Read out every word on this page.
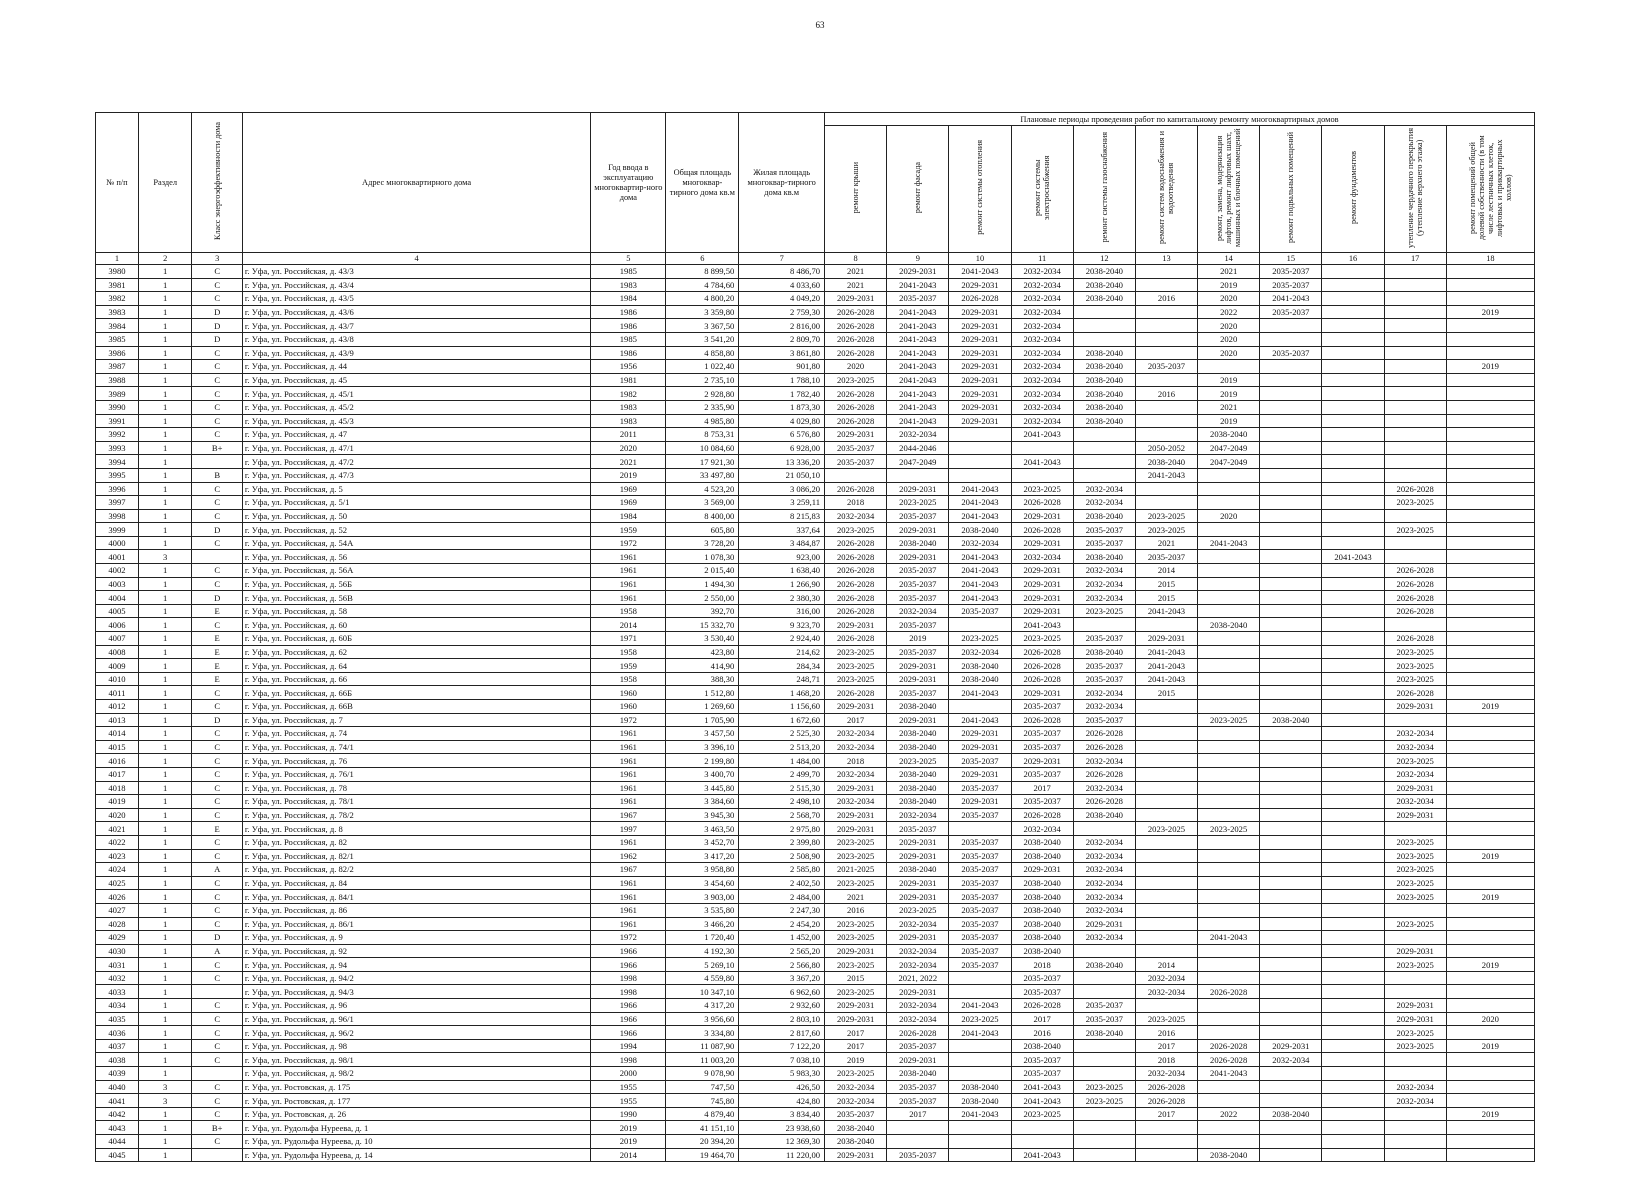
63
№ п/п	Раздел	Класс энергоэффективности дома	Адрес многоквартирного дома	Год ввода в эксплуатацию многоквартир-ного дома	Общая площадь многоквар-тирного дома кв.м	Жилая площадь многоквар-тирного дома кв.м	Плановые периоды проведения работ по капитальному ремонту многоквартирных домов										
							ремонт крыши	ремонт фасада	ремонт системы отопления	ремонт системы электроснабжения	ремонт системы газоснабжения	ремонт систем водоснабжения и водоотведения	ремонт, замена, модернизация лифтов, ремонт лифтовых шахт, машинных и блочных помещений	ремонт подвальных помещений	ремонт фундаментов	утепление чердачного перекрытия (утепление верхнего этажа)	ремонт помещений общей долевой собственности (в том числе лестничных клеток, лифтовых и приквартирных холлов)
1	2	3	4	5	6	7	8	9	10	11	12	13	14	15	16	17	18
3980	1	C	г. Уфа, ул. Российская, д. 43/3	1985	8 899,50	8 486,70	2021	2029-2031	2041-2043	2032-2034	2038-2040		2021	2035-2037			
3981	1	C	г. Уфа, ул. Российская, д. 43/4	1983	4 784,60	4 033,60	2021	2041-2043	2029-2031	2032-2034	2038-2040		2019	2035-2037			
3982	1	C	г. Уфа, ул. Российская, д. 43/5	1984	4 800,20	4 049,20	2029-2031	2035-2037	2026-2028	2032-2034	2038-2040	2016	2020	2041-2043			
3983	1	D	г. Уфа, ул. Российская, д. 43/6	1986	3 359,80	2 759,30	2026-2028	2041-2043	2029-2031	2032-2034			2022	2035-2037			2019
3984	1	D	г. Уфа, ул. Российская, д. 43/7	1986	3 367,50	2 816,00	2026-2028	2041-2043	2029-2031	2032-2034			2020				
3985	1	D	г. Уфа, ул. Российская, д. 43/8	1985	3 541,20	2 809,70	2026-2028	2041-2043	2029-2031	2032-2034			2020				
3986	1	C	г. Уфа, ул. Российская, д. 43/9	1986	4 858,80	3 861,80	2026-2028	2041-2043	2029-2031	2032-2034	2038-2040		2020	2035-2037			
3987	1	C	г. Уфа, ул. Российская, д. 44	1956	1 022,40	901,80	2020	2041-2043	2029-2031	2032-2034	2038-2040	2035-2037					2019
3988	1	C	г. Уфа, ул. Российская, д. 45	1981	2 735,10	1 788,10	2023-2025	2041-2043	2029-2031	2032-2034	2038-2040		2019				
3989	1	C	г. Уфа, ул. Российская, д. 45/1	1982	2 928,80	1 782,40	2026-2028	2041-2043	2029-2031	2032-2034	2038-2040	2016	2019				
3990	1	C	г. Уфа, ул. Российская, д. 45/2	1983	2 335,90	1 873,30	2026-2028	2041-2043	2029-2031	2032-2034	2038-2040		2021				
3991	1	C	г. Уфа, ул. Российская, д. 45/3	1983	4 985,80	4 029,80	2026-2028	2041-2043	2029-2031	2032-2034	2038-2040		2019				
3992	1	C	г. Уфа, ул. Российская, д. 47	2011	8 753,31	6 576,80	2029-2031	2032-2034		2041-2043			2038-2040				
3993	1	B+	г. Уфа, ул. Российская, д. 47/1	2020	10 084,60	6 928,00	2035-2037	2044-2046				2050-2052	2047-2049				
3994	1		г. Уфа, ул. Российская, д. 47/2	2021	17 921,30	13 336,20	2035-2037	2047-2049		2041-2043		2038-2040	2047-2049				
3995	1	B	г. Уфа, ул. Российская, д. 47/3	2019	33 497,80	21 050,10						2041-2043					
3996	1	C	г. Уфа, ул. Российская, д. 5	1969	4 523,20	3 086,20	2026-2028	2029-2031	2041-2043	2023-2025	2032-2034					2026-2028	
3997	1	C	г. Уфа, ул. Российская, д. 5/1	1969	3 569,00	3 259,11	2018	2023-2025	2041-2043	2026-2028	2032-2034					2023-2025	
3998	1	C	г. Уфа, ул. Российская, д. 50	1984	8 400,00	8 215,83	2032-2034	2035-2037	2041-2043	2029-2031	2038-2040	2023-2025	2020				
3999	1	D	г. Уфа, ул. Российская, д. 52	1959	605,80	337,64	2023-2025	2029-2031	2038-2040	2026-2028	2035-2037	2023-2025				2023-2025	
4000	1	C	г. Уфа, ул. Российская, д. 54А	1972	3 728,20	3 484,87	2026-2028	2038-2040	2032-2034	2029-2031	2035-2037	2021	2041-2043				
4001	3		г. Уфа, ул. Российская, д. 56	1961	1 078,30	923,00	2026-2028	2029-2031	2041-2043	2032-2034	2038-2040	2035-2037			2041-2043		
4002	1	C	г. Уфа, ул. Российская, д. 56А	1961	2 015,40	1 638,40	2026-2028	2035-2037	2041-2043	2029-2031	2032-2034	2014				2026-2028	
4003	1	C	г. Уфа, ул. Российская, д. 56Б	1961	1 494,30	1 266,90	2026-2028	2035-2037	2041-2043	2029-2031	2032-2034	2015				2026-2028	
4004	1	D	г. Уфа, ул. Российская, д. 56В	1961	2 550,00	2 380,30	2026-2028	2035-2037	2041-2043	2029-2031	2032-2034	2015				2026-2028	
4005	1	E	г. Уфа, ул. Российская, д. 58	1958	392,70	316,00	2026-2028	2032-2034	2035-2037	2029-2031	2023-2025	2041-2043				2026-2028	
4006	1	C	г. Уфа, ул. Российская, д. 60	2014	15 332,70	9 323,70	2029-2031	2035-2037		2041-2043			2038-2040				
4007	1	E	г. Уфа, ул. Российская, д. 60Б	1971	3 530,40	2 924,40	2026-2028	2019	2023-2025	2023-2025	2035-2037	2029-2031				2026-2028	
4008	1	E	г. Уфа, ул. Российская, д. 62	1958	423,80	214,62	2023-2025	2035-2037	2032-2034	2026-2028	2038-2040	2041-2043				2023-2025	
4009	1	E	г. Уфа, ул. Российская, д. 64	1959	414,90	284,34	2023-2025	2029-2031	2038-2040	2026-2028	2035-2037	2041-2043				2023-2025	
4010	1	E	г. Уфа, ул. Российская, д. 66	1958	388,30	248,71	2023-2025	2029-2031	2038-2040	2026-2028	2035-2037	2041-2043				2023-2025	
4011	1	C	г. Уфа, ул. Российская, д. 66Б	1960	1 512,80	1 468,20	2026-2028	2035-2037	2041-2043	2029-2031	2032-2034	2015				2026-2028	
4012	1	C	г. Уфа, ул. Российская, д. 66В	1960	1 269,60	1 156,60	2029-2031	2038-2040		2035-2037	2032-2034					2029-2031	2019
4013	1	D	г. Уфа, ул. Российская, д. 7	1972	1 705,90	1 672,60	2017	2029-2031	2041-2043	2026-2028	2035-2037		2023-2025	2038-2040			
4014	1	C	г. Уфа, ул. Российская, д. 74	1961	3 457,50	2 525,30	2032-2034	2038-2040	2029-2031	2035-2037	2026-2028					2032-2034	
4015	1	C	г. Уфа, ул. Российская, д. 74/1	1961	3 396,10	2 513,20	2032-2034	2038-2040	2029-2031	2035-2037	2026-2028					2032-2034	
4016	1	C	г. Уфа, ул. Российская, д. 76	1961	2 199,80	1 484,00	2018	2023-2025	2035-2037	2029-2031	2032-2034					2023-2025	
4017	1	C	г. Уфа, ул. Российская, д. 76/1	1961	3 400,70	2 499,70	2032-2034	2038-2040	2029-2031	2035-2037	2026-2028					2032-2034	
4018	1	C	г. Уфа, ул. Российская, д. 78	1961	3 445,80	2 515,30	2029-2031	2038-2040	2035-2037	2017	2032-2034					2029-2031	
4019	1	C	г. Уфа, ул. Российская, д. 78/1	1961	3 384,60	2 498,10	2032-2034	2038-2040	2029-2031	2035-2037	2026-2028					2032-2034	
4020	1	C	г. Уфа, ул. Российская, д. 78/2	1967	3 945,30	2 568,70	2029-2031	2032-2034	2035-2037	2026-2028	2038-2040					2029-2031	
4021	1	E	г. Уфа, ул. Российская, д. 8	1997	3 463,50	2 975,80	2029-2031	2035-2037		2032-2034		2023-2025	2023-2025				
4022	1	C	г. Уфа, ул. Российская, д. 82	1961	3 452,70	2 399,80	2023-2025	2029-2031	2035-2037	2038-2040	2032-2034					2023-2025	
4023	1	C	г. Уфа, ул. Российская, д. 82/1	1962	3 417,20	2 508,90	2023-2025	2029-2031	2035-2037	2038-2040	2032-2034					2023-2025	2019
4024	1	A	г. Уфа, ул. Российская, д. 82/2	1967	3 958,80	2 585,80	2021-2025	2038-2040	2035-2037	2029-2031	2032-2034					2023-2025	
4025	1	C	г. Уфа, ул. Российская, д. 84	1961	3 454,60	2 402,50	2023-2025	2029-2031	2035-2037	2038-2040	2032-2034					2023-2025	
4026	1	C	г. Уфа, ул. Российская, д. 84/1	1961	3 903,00	2 484,00	2021	2029-2031	2035-2037	2038-2040	2032-2034					2023-2025	2019
4027	1	C	г. Уфа, ул. Российская, д. 86	1961	3 535,80	2 247,30	2016	2023-2025	2035-2037	2038-2040	2032-2034						
4028	1	C	г. Уфа, ул. Российская, д. 86/1	1961	3 466,20	2 454,20	2023-2025	2032-2034	2035-2037	2038-2040	2029-2031					2023-2025	
4029	1	D	г. Уфа, ул. Российская, д. 9	1972	1 720,40	1 452,00	2023-2025	2029-2031	2035-2037	2038-2040	2032-2034		2041-2043				
4030	1	A	г. Уфа, ул. Российская, д. 92	1966	4 192,30	2 565,20	2029-2031	2032-2034	2035-2037	2038-2040						2029-2031	
4031	1	C	г. Уфа, ул. Российская, д. 94	1966	5 269,10	2 566,80	2023-2025	2032-2034	2035-2037	2018	2038-2040	2014				2023-2025	2019
4032	1	C	г. Уфа, ул. Российская, д. 94/2	1998	4 559,80	3 367,20	2015	2021, 2022		2035-2037		2032-2034					
4033	1		г. Уфа, ул. Российская, д. 94/3	1998	10 347,10	6 962,60	2023-2025	2029-2031		2035-2037		2032-2034	2026-2028				
4034	1	C	г. Уфа, ул. Российская, д. 96	1966	4 317,20	2 932,60	2029-2031	2032-2034	2041-2043	2026-2028	2035-2037					2029-2031	
4035	1	C	г. Уфа, ул. Российская, д. 96/1	1966	3 956,60	2 803,10	2029-2031	2032-2034	2023-2025	2017	2035-2037	2023-2025				2029-2031	2020
4036	1	C	г. Уфа, ул. Российская, д. 96/2	1966	3 334,80	2 817,60	2017	2026-2028	2041-2043	2016	2038-2040	2016				2023-2025	
4037	1	C	г. Уфа, ул. Российская, д. 98	1994	11 087,90	7 122,20	2017	2035-2037		2038-2040		2017	2026-2028	2029-2031		2023-2025	2019
4038	1	C	г. Уфа, ул. Российская, д. 98/1	1998	11 003,20	7 038,10	2019	2029-2031		2035-2037		2018	2026-2028	2032-2034			
4039	1		г. Уфа, ул. Российская, д. 98/2	2000	9 078,90	5 983,30	2023-2025	2038-2040		2035-2037		2032-2034	2041-2043				
4040	3	C	г. Уфа, ул. Ростовская, д. 175	1955	747,50	426,50	2032-2034	2035-2037	2038-2040	2041-2043	2023-2025	2026-2028				2032-2034	
4041	3	C	г. Уфа, ул. Ростовская, д. 177	1955	745,80	424,80	2032-2034	2035-2037	2038-2040	2041-2043	2023-2025	2026-2028				2032-2034	
4042	1	C	г. Уфа, ул. Ростовская, д. 26	1990	4 879,40	3 834,40	2035-2037	2017	2041-2043	2023-2025		2017	2022	2038-2040			2019
4043	1	B+	г. Уфа, ул. Рудольфа Нуреева, д. 1	2019	41 151,10	23 938,60	2038-2040										
4044	1	C	г. Уфа, ул. Рудольфа Нуреева, д. 10	2019	20 394,20	12 369,30	2038-2040										
4045	1		г. Уфа, ул. Рудольфа Нуреева, д. 14	2014	19 464,70	11 220,00	2029-2031	2035-2037		2041-2043			2038-2040				
